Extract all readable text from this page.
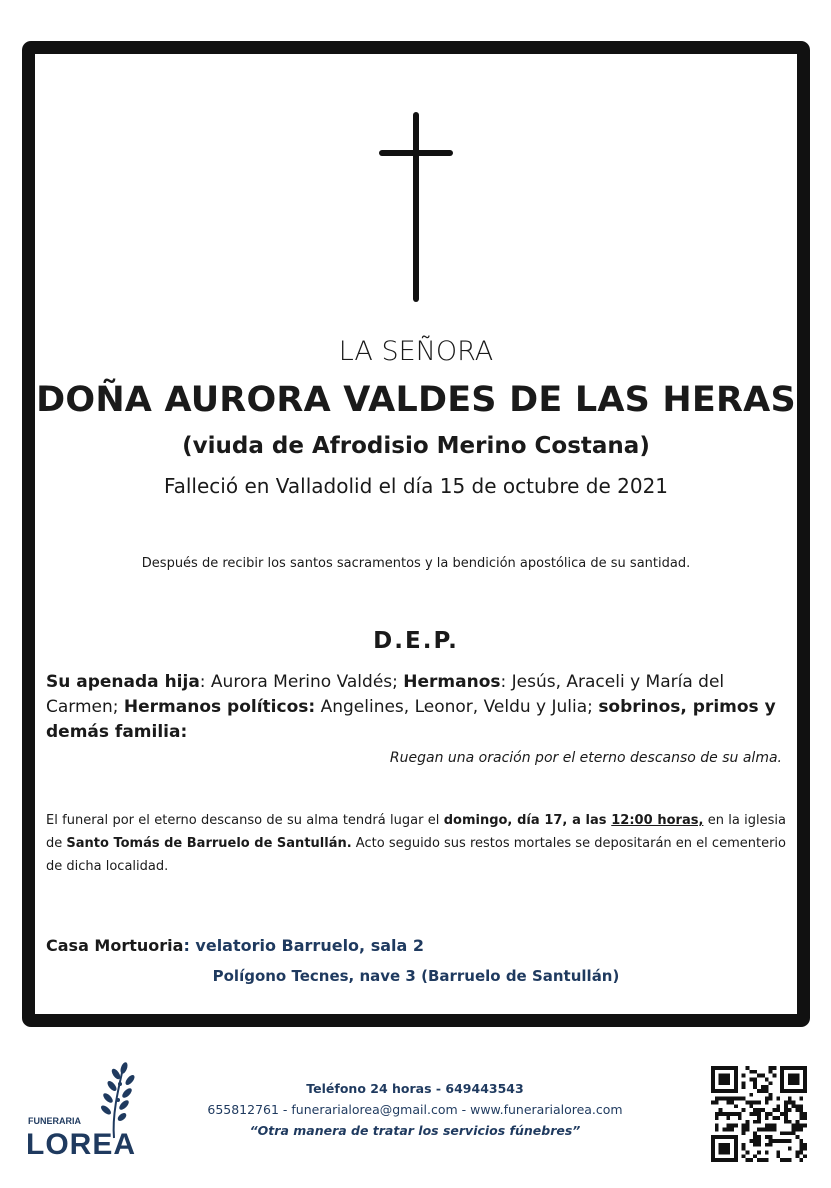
LA SEÑORA
DOÑA AURORA VALDES DE LAS HERAS
(viuda de Afrodisio Merino Costana)
Falleció en Valladolid el día 15 de octubre de 2021
Después de recibir los santos sacramentos y la bendición apostólica de su santidad.
D.E.P.
Su apenada hija: Aurora Merino Valdés; Hermanos: Jesús, Araceli y María del Carmen; Hermanos políticos: Angelines, Leonor, Veldu y Julia; sobrinos, primos y demás familia:
Ruegan una oración por el eterno descanso de su alma.
El funeral por el eterno descanso de su alma tendrá lugar el domingo, día 17, a las 12:00 horas, en la iglesia de Santo Tomás de Barruelo de Santullán. Acto seguido sus restos mortales se depositarán en el cementerio de dicha localidad.
Casa Mortuoria: velatorio Barruelo, sala 2
Polígono Tecnes, nave 3 (Barruelo de Santullán)
FUNERARIA
LOREA
Teléfono 24 horas - 649443543
655812761 - funerarialorea@gmail.com - www.funerarialorea.com
“Otra manera de tratar los servicios fúnebres”
